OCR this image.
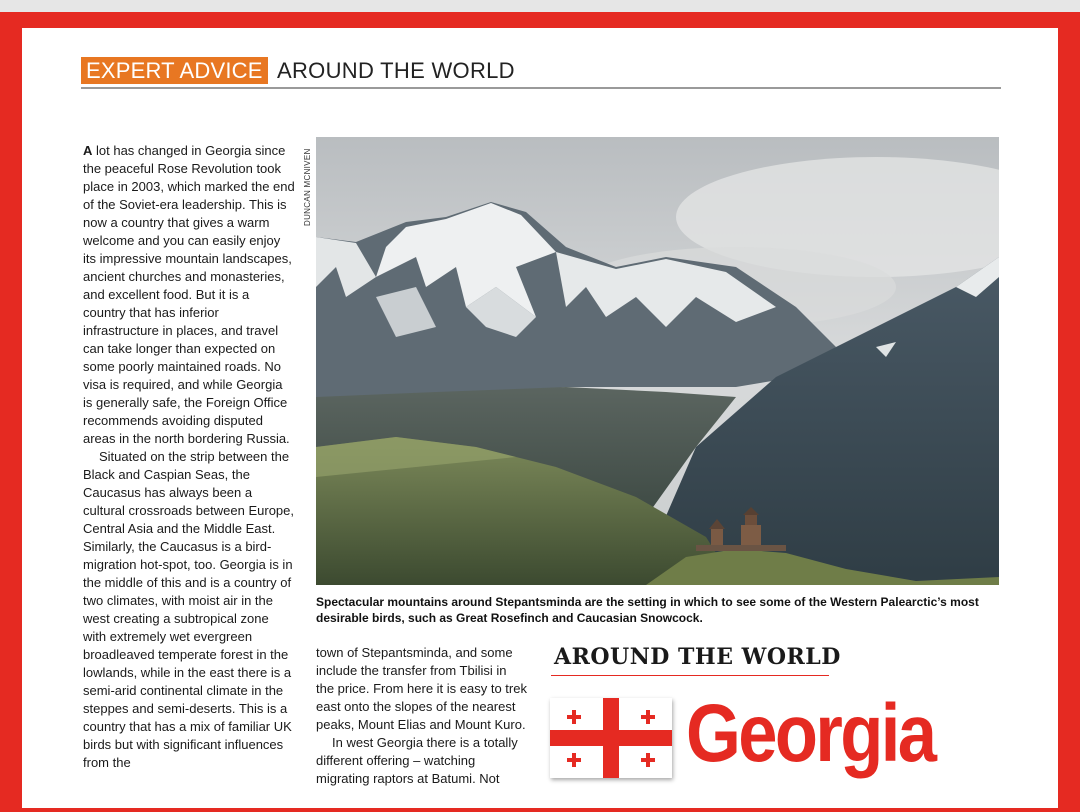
EXPERT ADVICE AROUND THE WORLD

A lot has changed in Georgia since the peaceful Rose Revolution took place in 2003, which marked the end of the Soviet-era leadership. This is now a country that gives a warm welcome and you can easily enjoy its impressive mountain landscapes, ancient churches and monasteries, and excellent food. But it is a country that has inferior infrastructure in places, and travel can take longer than expected on some poorly maintained roads. No visa is required, and while Georgia is generally safe, the Foreign Office recommends avoiding disputed areas in the north bordering Russia.

Situated on the strip between the Black and Caspian Seas, the Caucasus has always been a cultural crossroads between Europe, Central Asia and the Middle East. Similarly, the Caucasus is a bird-migration hot-spot, too. Georgia is in the middle of this and is a country of two climates, with moist air in the west creating a subtropical zone with extremely wet evergreen broadleaved temperate forest in the lowlands, while in the east there is a semi-arid continental climate in the steppes and semi-deserts. This is a country that has a mix of familiar UK birds but with significant influences from the

DUNCAN MCNIVEN
Spectacular mountains around Stepantsminda are the setting in which to see some of the Western Palearctic’s most desirable birds, such as Great Rosefinch and Caucasian Snowcock.

town of Stepantsminda, and some include the transfer from Tbilisi in the price. From here it is easy to trek east onto the slopes of the nearest peaks, Mount Elias and Mount Kuro.

In west Georgia there is a totally different offering – watching migrating raptors at Batumi. Not

AROUND THE WORLD
Georgia
